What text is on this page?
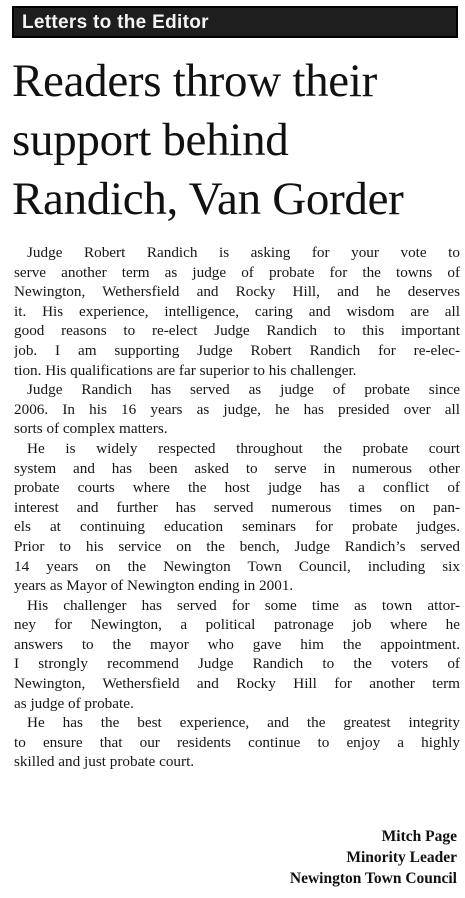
Letters to the Editor
Readers throw their
support behind
Randich, Van Gorder
Judge Robert Randich is asking for your vote to
serve another term as judge of probate for the towns of
Newington, Wethersfield and Rocky Hill, and he deserves
it. His experience, intelligence, caring and wisdom are all
good reasons to re-elect Judge Randich to this important
job. I am supporting Judge Robert Randich for re-elec-
tion. His qualifications are far superior to his challenger.
Judge Randich has served as judge of probate since
2006. In his 16 years as judge, he has presided over all
sorts of complex matters.
He is widely respected throughout the probate court
system and has been asked to serve in numerous other
probate courts where the host judge has a conflict of
interest and further has served numerous times on pan-
els at continuing education seminars for probate judges.
Prior to his service on the bench, Judge Randich’s served
14 years on the Newington Town Council, including six
years as Mayor of Newington ending in 2001.
His challenger has served for some time as town attor-
ney for Newington, a political patronage job where he
answers to the mayor who gave him the appointment.
I strongly recommend Judge Randich to the voters of
Newington, Wethersfield and Rocky Hill for another term
as judge of probate.
He has the best experience, and the greatest integrity
to ensure that our residents continue to enjoy a highly
skilled and just probate court.
Mitch Page
Minority Leader
Newington Town Council
